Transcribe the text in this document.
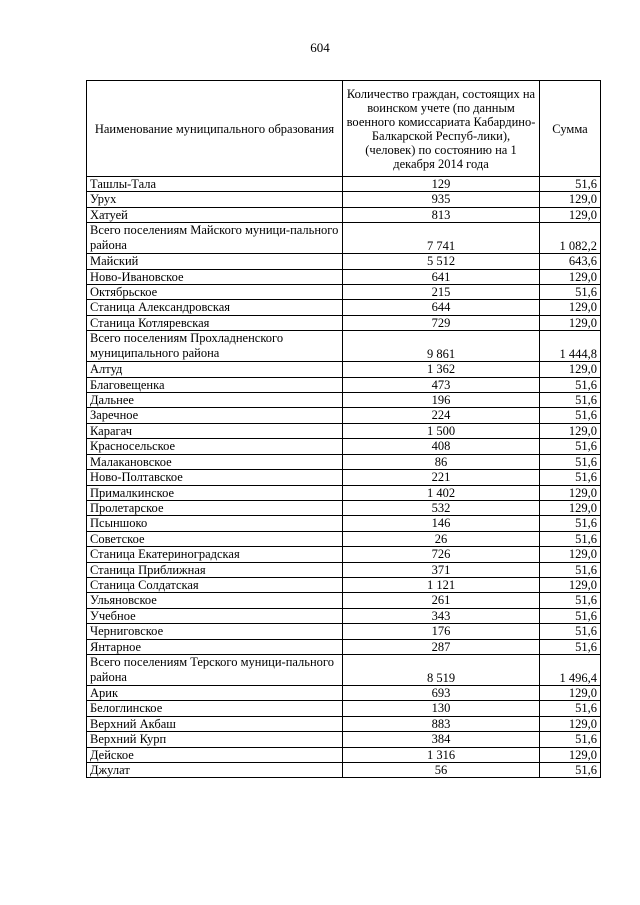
604
Наименование муниципального образования	Количество граждан, состоящих на воинском учете (по данным военного комиссариата Кабардино-Балкарской Респуб-лики), (человек) по состоянию на 1 декабря 2014 года	Сумма
Ташлы-Тала	129	51,6
Урух	935	129,0
Хатуей	813	129,0
Всего поселениям Майского муници-пального района	7 741	1 082,2
Майский	5 512	643,6
Ново-Ивановское	641	129,0
Октябрьское	215	51,6
Станица Александровская	644	129,0
Станица Котляревская	729	129,0
Всего поселениям Прохладненского муниципального района	9 861	1 444,8
Алтуд	1 362	129,0
Благовещенка	473	51,6
Дальнее	196	51,6
Заречное	224	51,6
Карагач	1 500	129,0
Красносельское	408	51,6
Малакановское	86	51,6
Ново-Полтавское	221	51,6
Прималкинское	1 402	129,0
Пролетарское	532	129,0
Псыншоко	146	51,6
Советское	26	51,6
Станица Екатериноградская	726	129,0
Станица Приближная	371	51,6
Станица Солдатская	1 121	129,0
Ульяновское	261	51,6
Учебное	343	51,6
Черниговское	176	51,6
Янтарное	287	51,6
Всего поселениям Терского муници-пального района	8 519	1 496,4
Арик	693	129,0
Белоглинское	130	51,6
Верхний Акбаш	883	129,0
Верхний Курп	384	51,6
Дейское	1 316	129,0
Джулат	56	51,6
